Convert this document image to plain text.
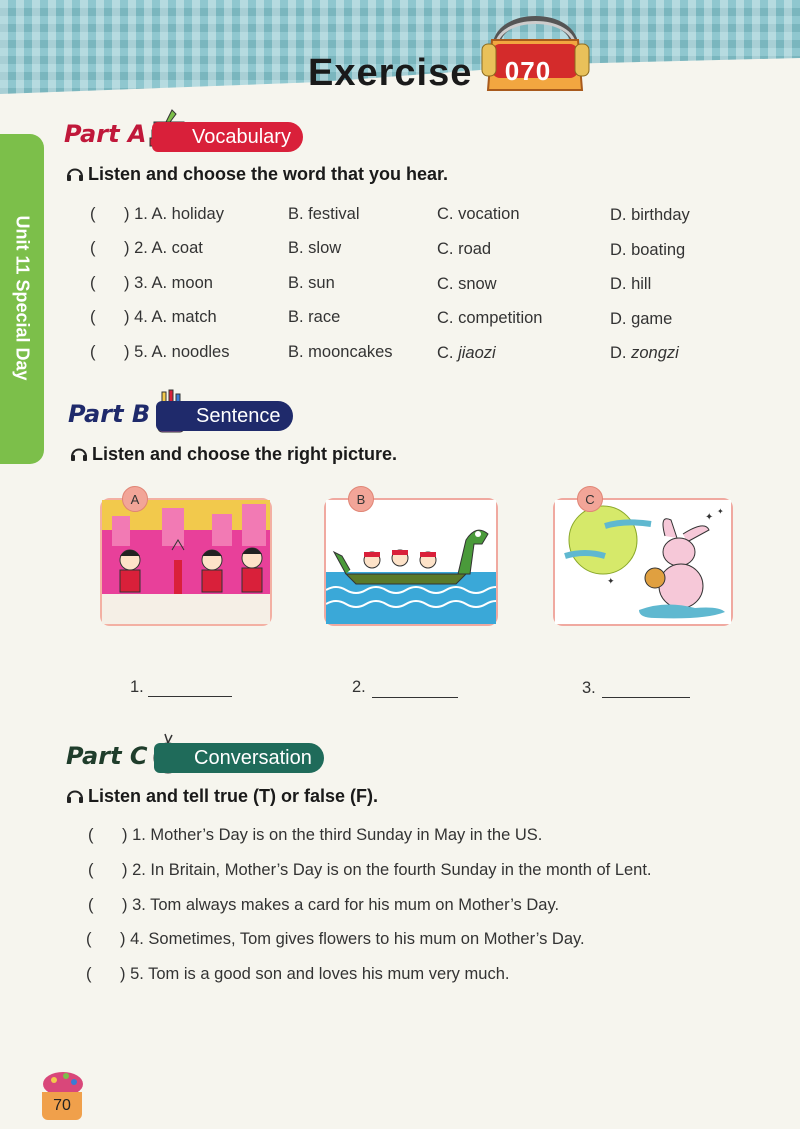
Exercise	070
Unit 11 Special Day
Part A	Vocabulary
Listen and choose the word that you hear.
( ) 1. A. holiday	B. festival	C. vocation	D. birthday
( ) 2. A. coat	B. slow	C. road	D. boating
( ) 3. A. moon	B. sun	C. snow	D. hill
( ) 4. A. match	B. race	C. competition	D. game
( ) 5. A. noodles	B. mooncakes	C. jiaozi	D. zongzi
Part B	Sentence
Listen and choose the right picture.
A	B
✦
✦
✦
C
1.	2.	3.
Part C	Conversation
Listen and tell true (T) or false (F).
( ) 1. Mother’s Day is on the third Sunday in May in the US.
( ) 2. In Britain, Mother’s Day is on the fourth Sunday in the month of Lent.
( ) 3. Tom always makes a card for his mum on Mother’s Day.
( ) 4. Sometimes, Tom gives flowers to his mum on Mother’s Day.
( ) 5. Tom is a good son and loves his mum very much.
70
